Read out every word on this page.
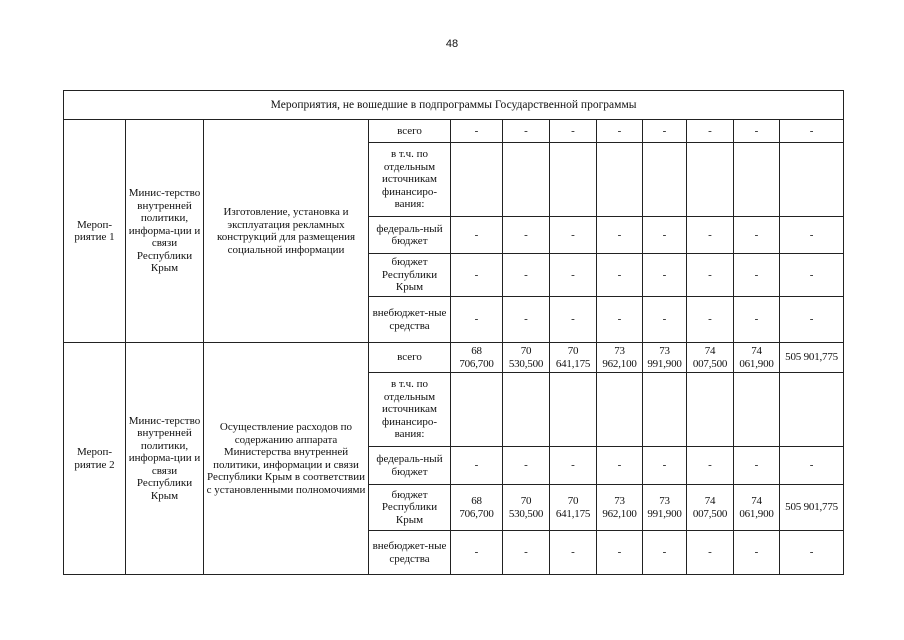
48
Мероприятия, не вошедшие в подпрограммы Государственной программы											
Мероп-риятие 1	Минис-терство внутренней политики, информа-ции и связи Республики Крым	Изготовление, установка и эксплуатация рекламных конструкций для размещения социальной информации	всего	-	-	-	-	-	-	-	-
			в т.ч. по отдельным источникам финансиро-вания:								
			федераль-ный бюджет	-	-	-	-	-	-	-	-
			бюджет Республики Крым	-	-	-	-	-	-	-	-
			внебюджет-ные средства	-	-	-	-	-	-	-	-
Мероп-риятие 2	Минис-терство внутренней политики, информа-ции и связи Республики Крым	Осуществление расходов по содержанию аппарата Министерства внутренней политики, информации и связи Республики Крым в соответствии с установленными полномочиями	всего	68 706,700	70 530,500	70 641,175	73 962,100	73 991,900	74 007,500	74 061,900	505 901,775
			в т.ч. по отдельным источникам финансиро-вания:								
			федераль-ный бюджет	-	-	-	-	-	-	-	-
			бюджет Республики Крым	68 706,700	70 530,500	70 641,175	73 962,100	73 991,900	74 007,500	74 061,900	505 901,775
			внебюджет-ные средства	-	-	-	-	-	-	-	-
